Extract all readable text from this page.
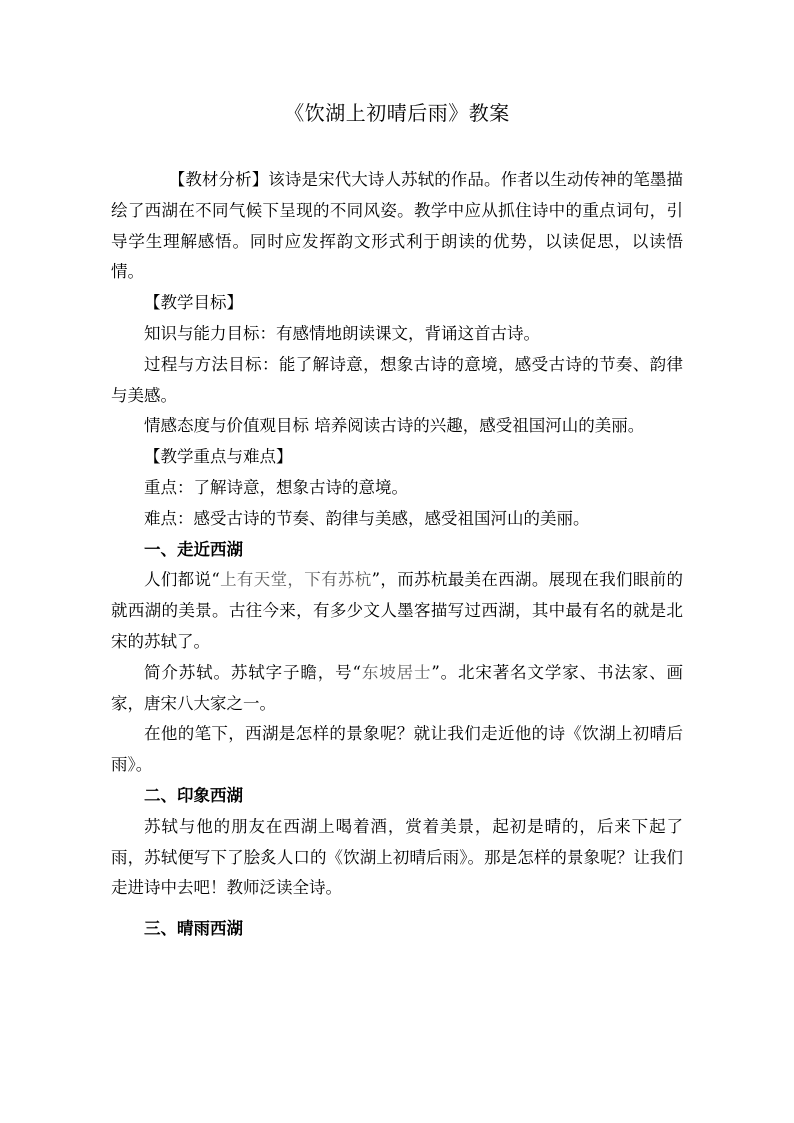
《饮湖上初晴后雨》教案

【教材分析】该诗是宋代大诗人苏轼的作品。作者以生动传神的笔墨描绘了西湖在不同气候下呈现的不同风姿。教学中应从抓住诗中的重点词句，引导学生理解感悟。同时应发挥韵文形式利于朗读的优势，以读促思，以读悟情。

【教学目标】

知识与能力目标：有感情地朗读课文，背诵这首古诗。

过程与方法目标：能了解诗意，想象古诗的意境，感受古诗的节奏、韵律与美感。

情感态度与价值观目标 培养阅读古诗的兴趣，感受祖国河山的美丽。

【教学重点与难点】

重点：了解诗意，想象古诗的意境。

难点：感受古诗的节奏、韵律与美感，感受祖国河山的美丽。

一、走近西湖

人们都说“上有天堂，下有苏杭”，而苏杭最美在西湖。展现在我们眼前的就西湖的美景。古往今来，有多少文人墨客描写过西湖，其中最有名的就是北宋的苏轼了。

简介苏轼。苏轼字子瞻，号“东坡居士”。北宋著名文学家、书法家、画家，唐宋八大家之一。

在他的笔下，西湖是怎样的景象呢？就让我们走近他的诗《饮湖上初晴后雨》。

二、印象西湖

苏轼与他的朋友在西湖上喝着酒，赏着美景，起初是晴的，后来下起了雨，苏轼便写下了脍炙人口的《饮湖上初晴后雨》。那是怎样的景象呢？让我们走进诗中去吧！教师泛读全诗。

三、晴雨西湖
